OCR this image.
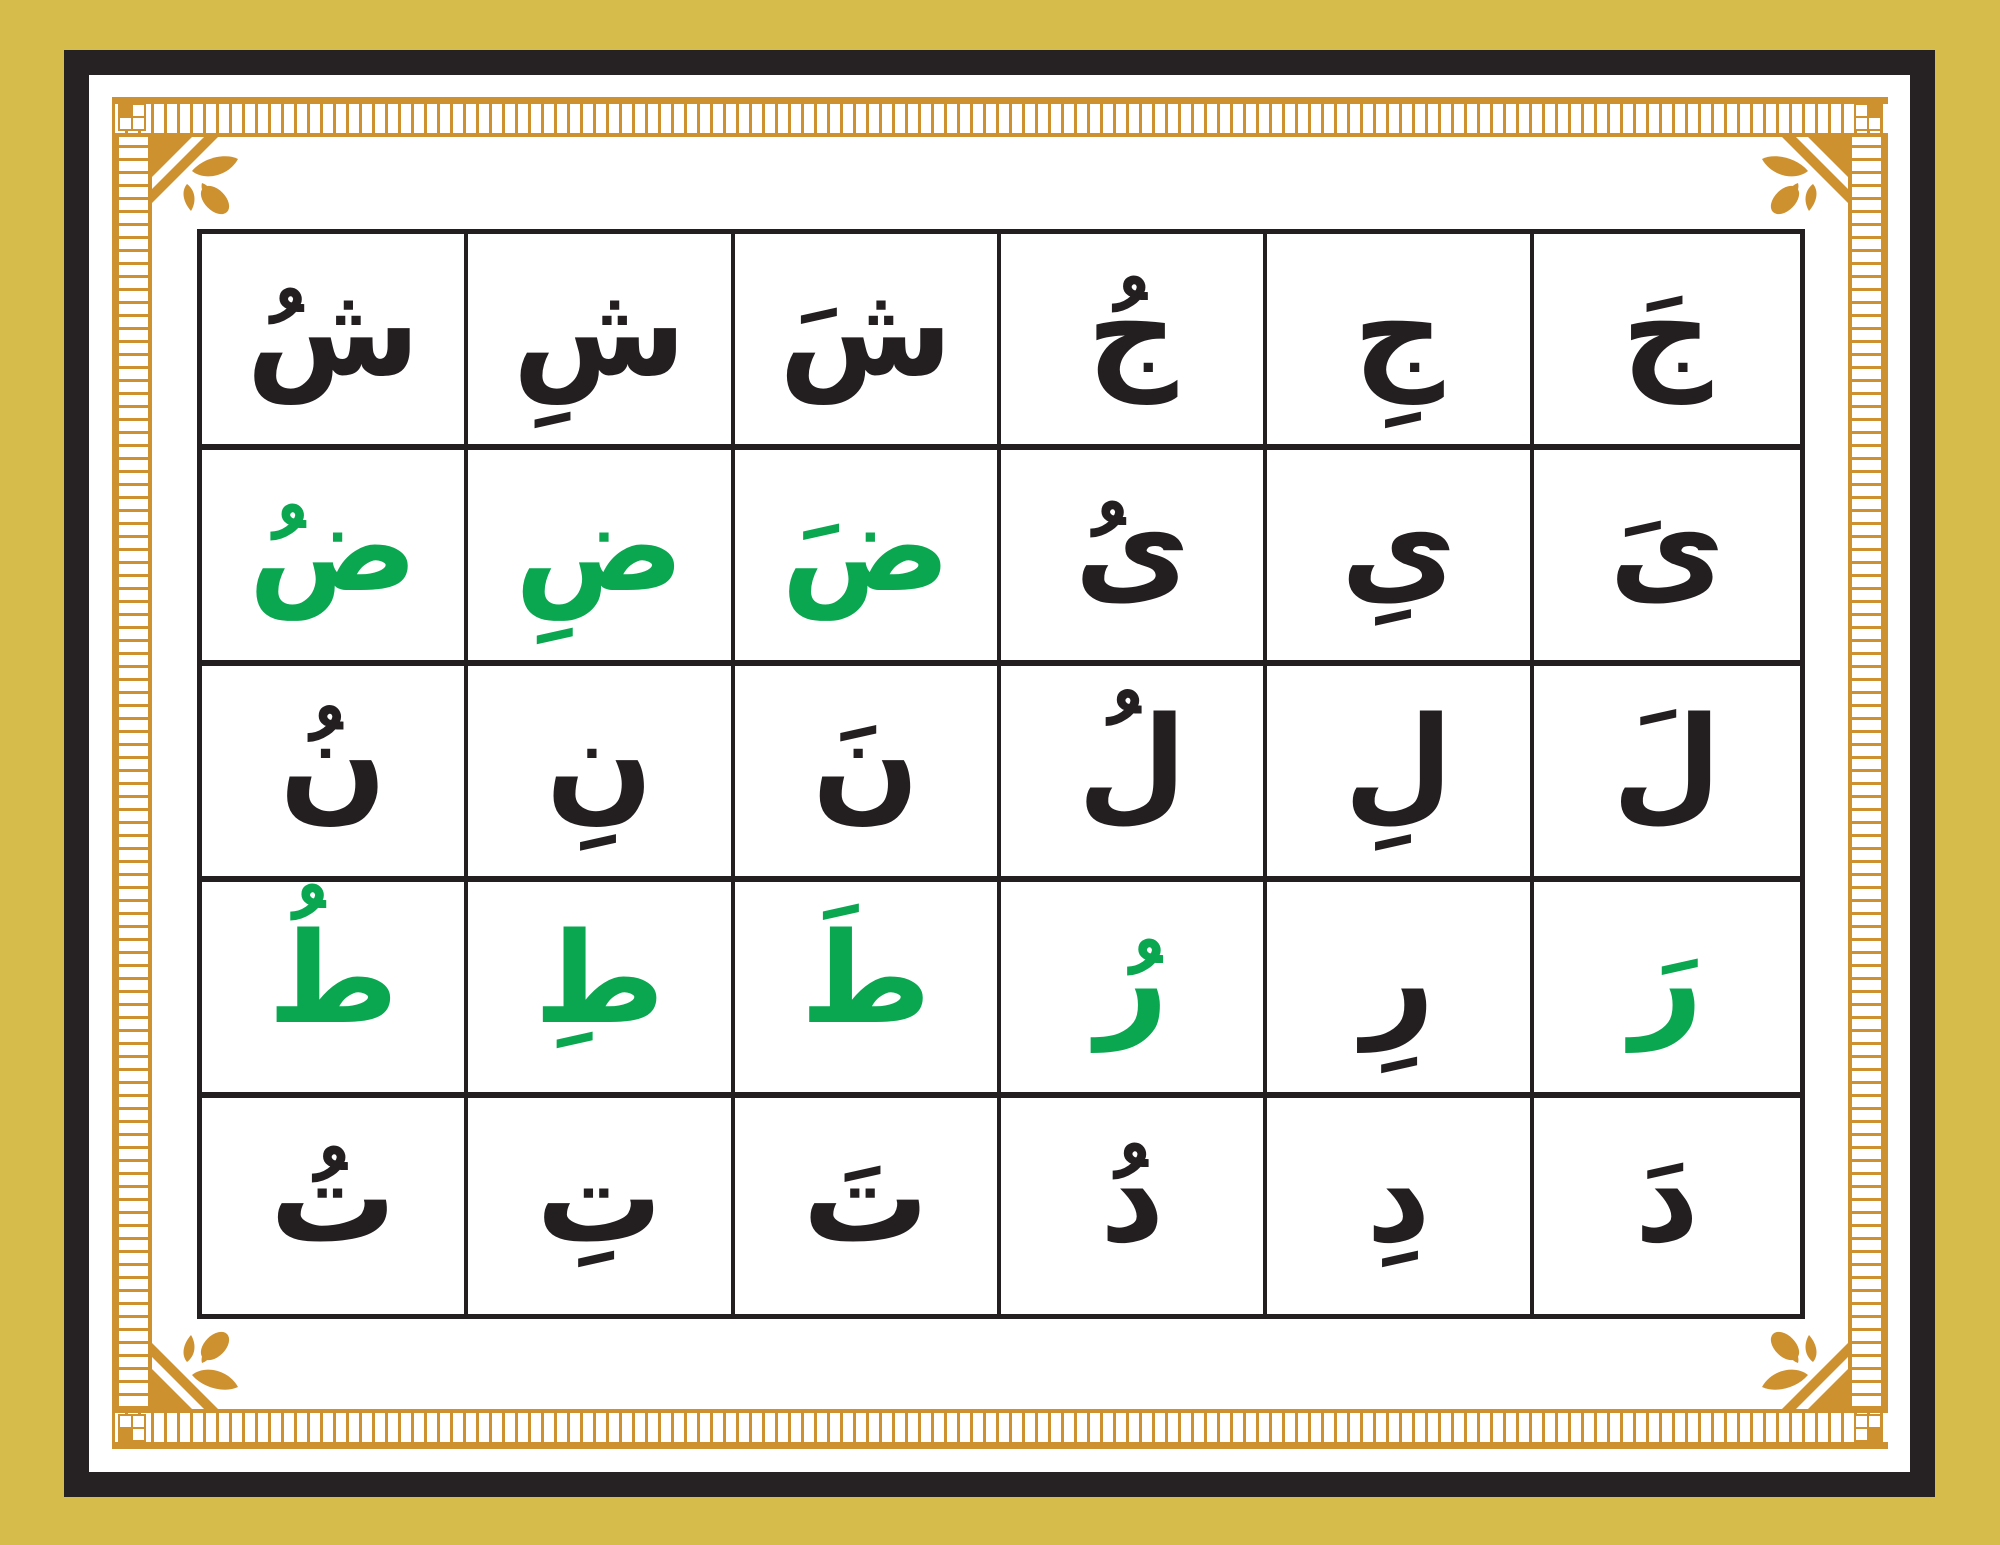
شُ شِ شَ جُ جِ جَ
ضُ ضِ ضَ ىُ ىِ ىَ
نُ نِ نَ لُ لِ لَ
طُ طِ طَ رُ رِ رَ
تُ تِ تَ دُ دِ دَ
